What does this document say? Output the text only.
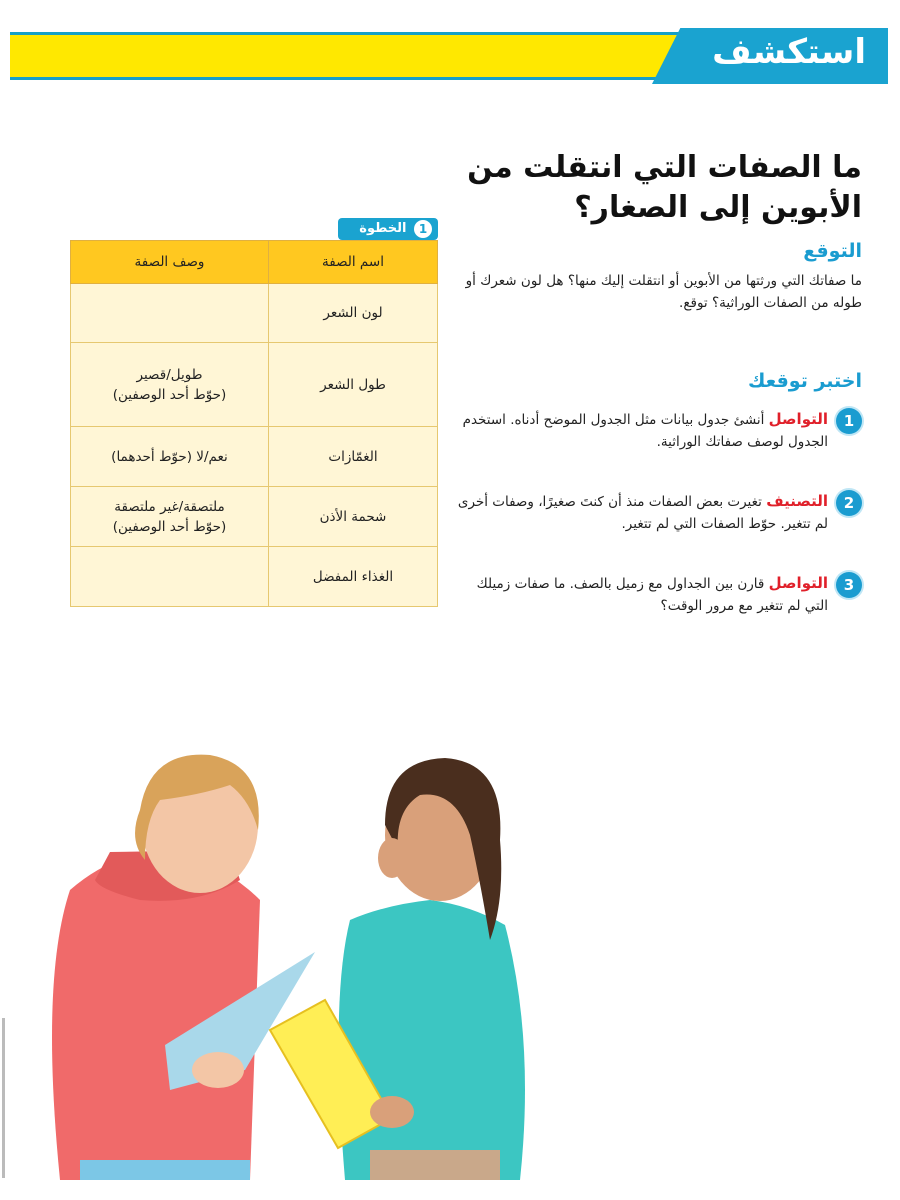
استكشف
ما الصفات التي انتقلت من الأبوين إلى الصغار؟
التوقع
ما صفاتك التي ورثتها من الأبوين أو انتقلت إليك منها؟ هل لون شعرك أو طوله من الصفات الوراثية؟ توقع.
اختبر توقعك
1
التواصل أنشئ جدول بيانات مثل الجدول الموضح أدناه. استخدم الجدول لوصف صفاتك الوراثية.
2
التصنيف تغيرت بعض الصفات منذ أن كنتَ صغيرًا، وصفات أخرى لم تتغير. حوّط الصفات التي لم تتغير.
3
التواصل قارن بين الجداول مع زميل بالصف. ما صفات زميلك التي لم تتغير مع مرور الوقت؟
1 الخطوة
اسم الصفة	وصف الصفة
لون الشعر	

طول الشعر	طويل/قصير
(حوّط أحد الوصفين)

الغمّازات	نعم/لا (حوّط أحدهما)

شحمة الأذن	ملتصقة/غير ملتصقة
(حوّط أحد الوصفين)

الغذاء المفضل	
